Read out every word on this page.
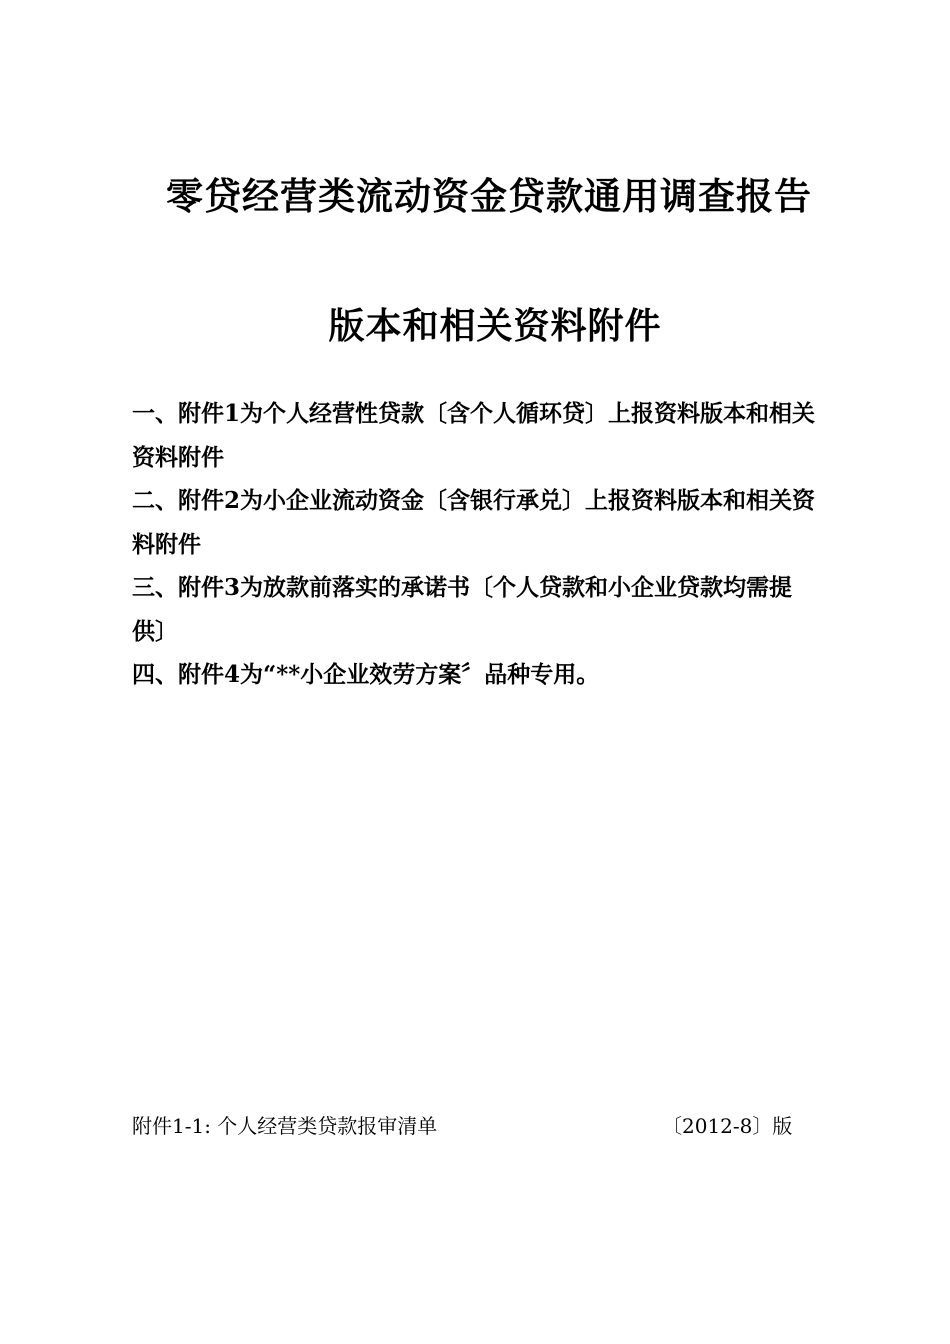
零贷经营类流动资金贷款通用调查报告
版本和相关资料附件
一、附件1为个人经营性贷款〔含个人循环贷〕上报资料版本和相关资料附件
二、附件2为小企业流动资金〔含银行承兑〕上报资料版本和相关资料附件
三、附件3为放款前落实的承诺书〔个人贷款和小企业贷款均需提供〕
四、附件4为“**小企业效劳方案〞品种专用。
附件1-1: 个人经营类贷款报审清单	〔2012-8〕版
